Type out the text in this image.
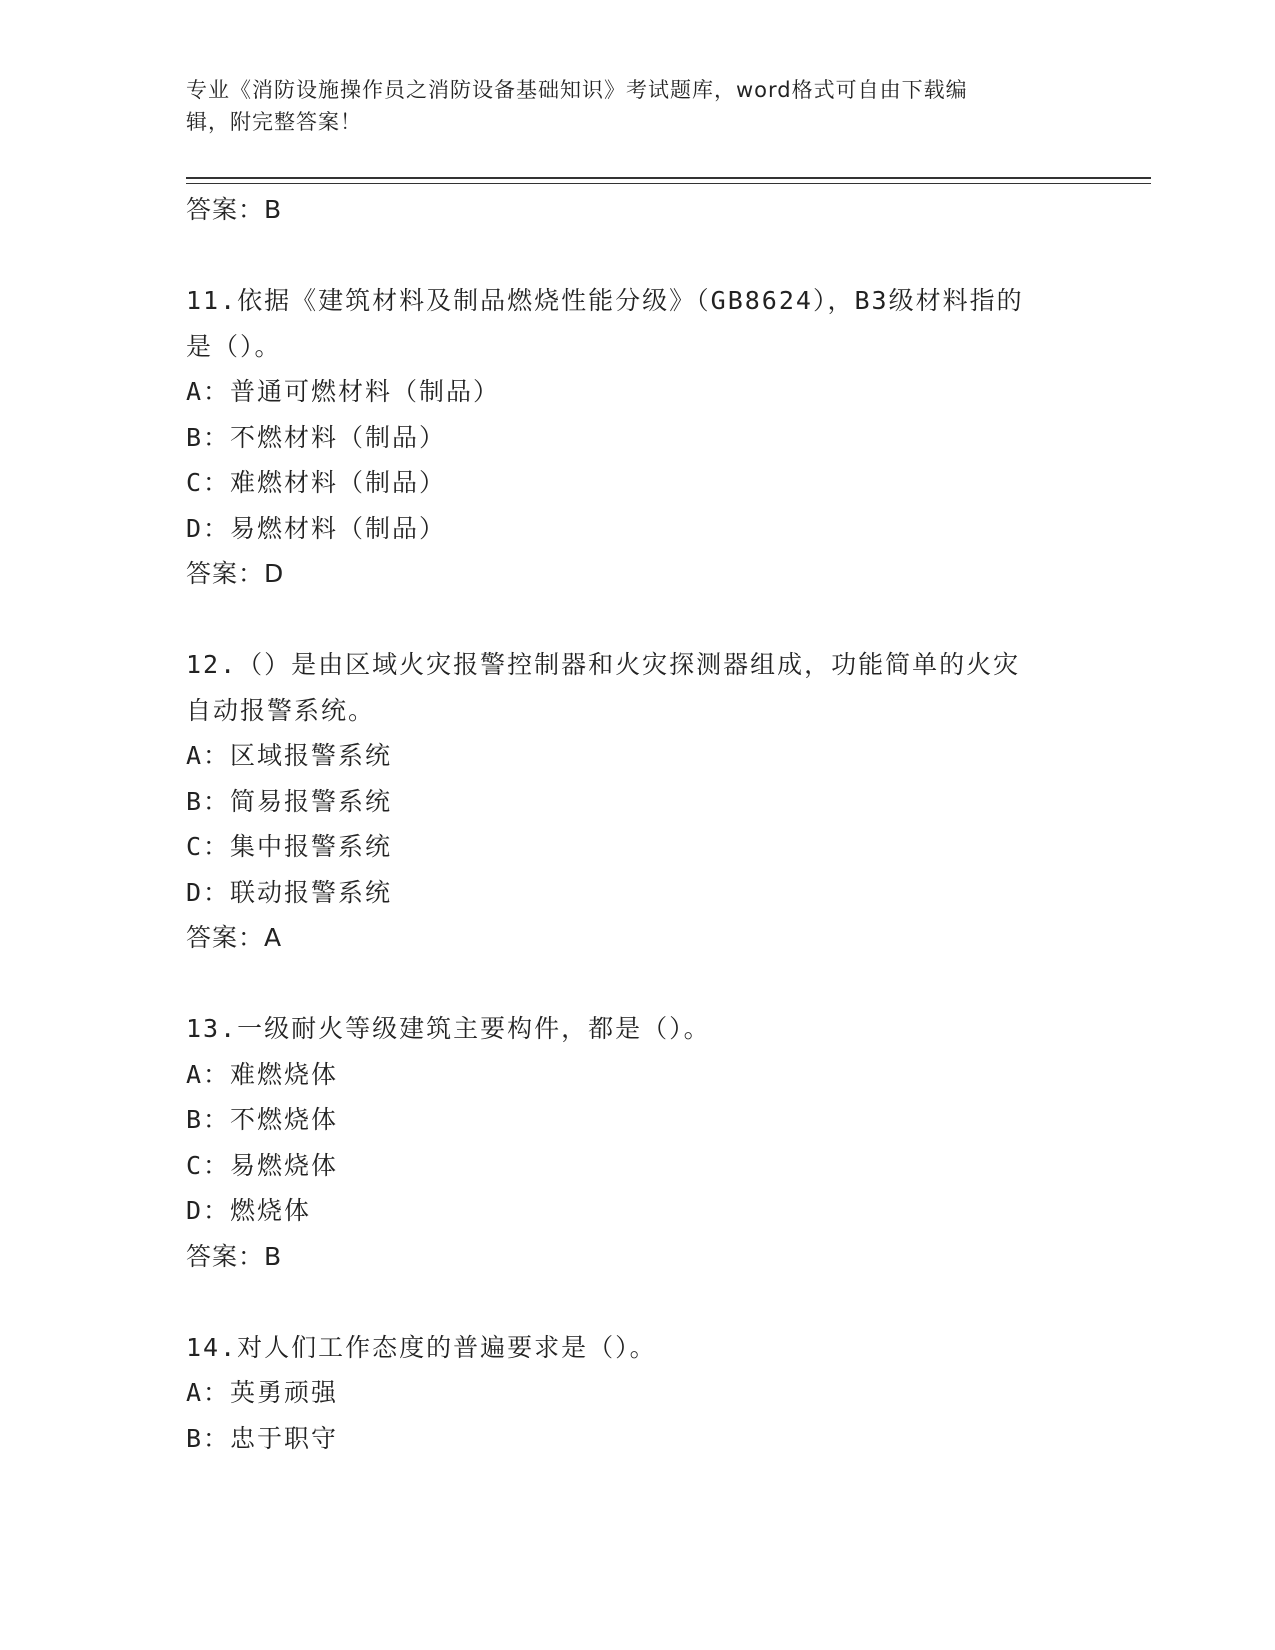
专业《消防设施操作员之消防设备基础知识》考试题库，word格式可自由下载编
辑，附完整答案！
答案：B
11.依据《建筑材料及制品燃烧性能分级》（GB8624），B3级材料指的
是（）。
A：普通可燃材料（制品）
B：不燃材料（制品）
C：难燃材料（制品）
D：易燃材料（制品）
答案：D
12.（）是由区域火灾报警控制器和火灾探测器组成，功能简单的火灾
自动报警系统。
A：区域报警系统
B：简易报警系统
C：集中报警系统
D：联动报警系统
答案：A
13.一级耐火等级建筑主要构件，都是（）。
A：难燃烧体
B：不燃烧体
C：易燃烧体
D：燃烧体
答案：B
14.对人们工作态度的普遍要求是（）。
A：英勇顽强
B：忠于职守
